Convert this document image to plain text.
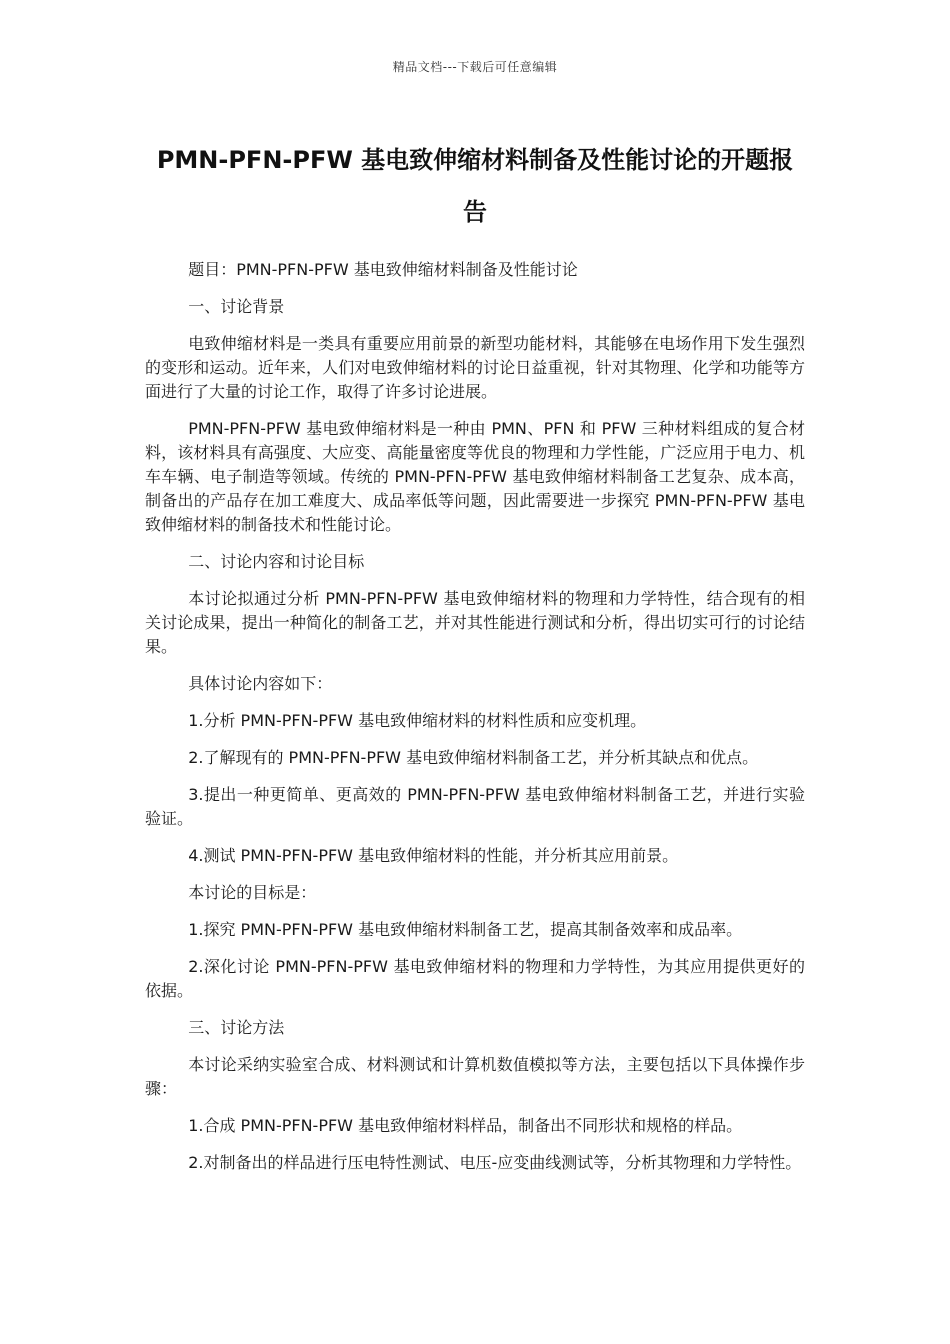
精品文档---下载后可任意编辑
PMN-PFN-PFW 基电致伸缩材料制备及性能讨论的开题报告

题目：PMN-PFN-PFW 基电致伸缩材料制备及性能讨论

一、讨论背景

电致伸缩材料是一类具有重要应用前景的新型功能材料，其能够在电场作用下发生强烈的变形和运动。近年来，人们对电致伸缩材料的讨论日益重视，针对其物理、化学和功能等方面进行了大量的讨论工作，取得了许多讨论进展。

PMN-PFN-PFW 基电致伸缩材料是一种由 PMN、PFN 和 PFW 三种材料组成的复合材料，该材料具有高强度、大应变、高能量密度等优良的物理和力学性能，广泛应用于电力、机车车辆、电子制造等领域。传统的 PMN-PFN-PFW 基电致伸缩材料制备工艺复杂、成本高，制备出的产品存在加工难度大、成品率低等问题，因此需要进一步探究 PMN-PFN-PFW 基电致伸缩材料的制备技术和性能讨论。

二、讨论内容和讨论目标

本讨论拟通过分析 PMN-PFN-PFW 基电致伸缩材料的物理和力学特性，结合现有的相关讨论成果，提出一种简化的制备工艺，并对其性能进行测试和分析，得出切实可行的讨论结果。

具体讨论内容如下：

1.分析 PMN-PFN-PFW 基电致伸缩材料的材料性质和应变机理。

2.了解现有的 PMN-PFN-PFW 基电致伸缩材料制备工艺，并分析其缺点和优点。

3.提出一种更简单、更高效的 PMN-PFN-PFW 基电致伸缩材料制备工艺，并进行实验验证。

4.测试 PMN-PFN-PFW 基电致伸缩材料的性能，并分析其应用前景。

本讨论的目标是：

1.探究 PMN-PFN-PFW 基电致伸缩材料制备工艺，提高其制备效率和成品率。

2.深化讨论 PMN-PFN-PFW 基电致伸缩材料的物理和力学特性，为其应用提供更好的依据。

三、讨论方法

本讨论采纳实验室合成、材料测试和计算机数值模拟等方法，主要包括以下具体操作步骤：

1.合成 PMN-PFN-PFW 基电致伸缩材料样品，制备出不同形状和规格的样品。

2.对制备出的样品进行压电特性测试、电压-应变曲线测试等，分析其物理和力学特性。
